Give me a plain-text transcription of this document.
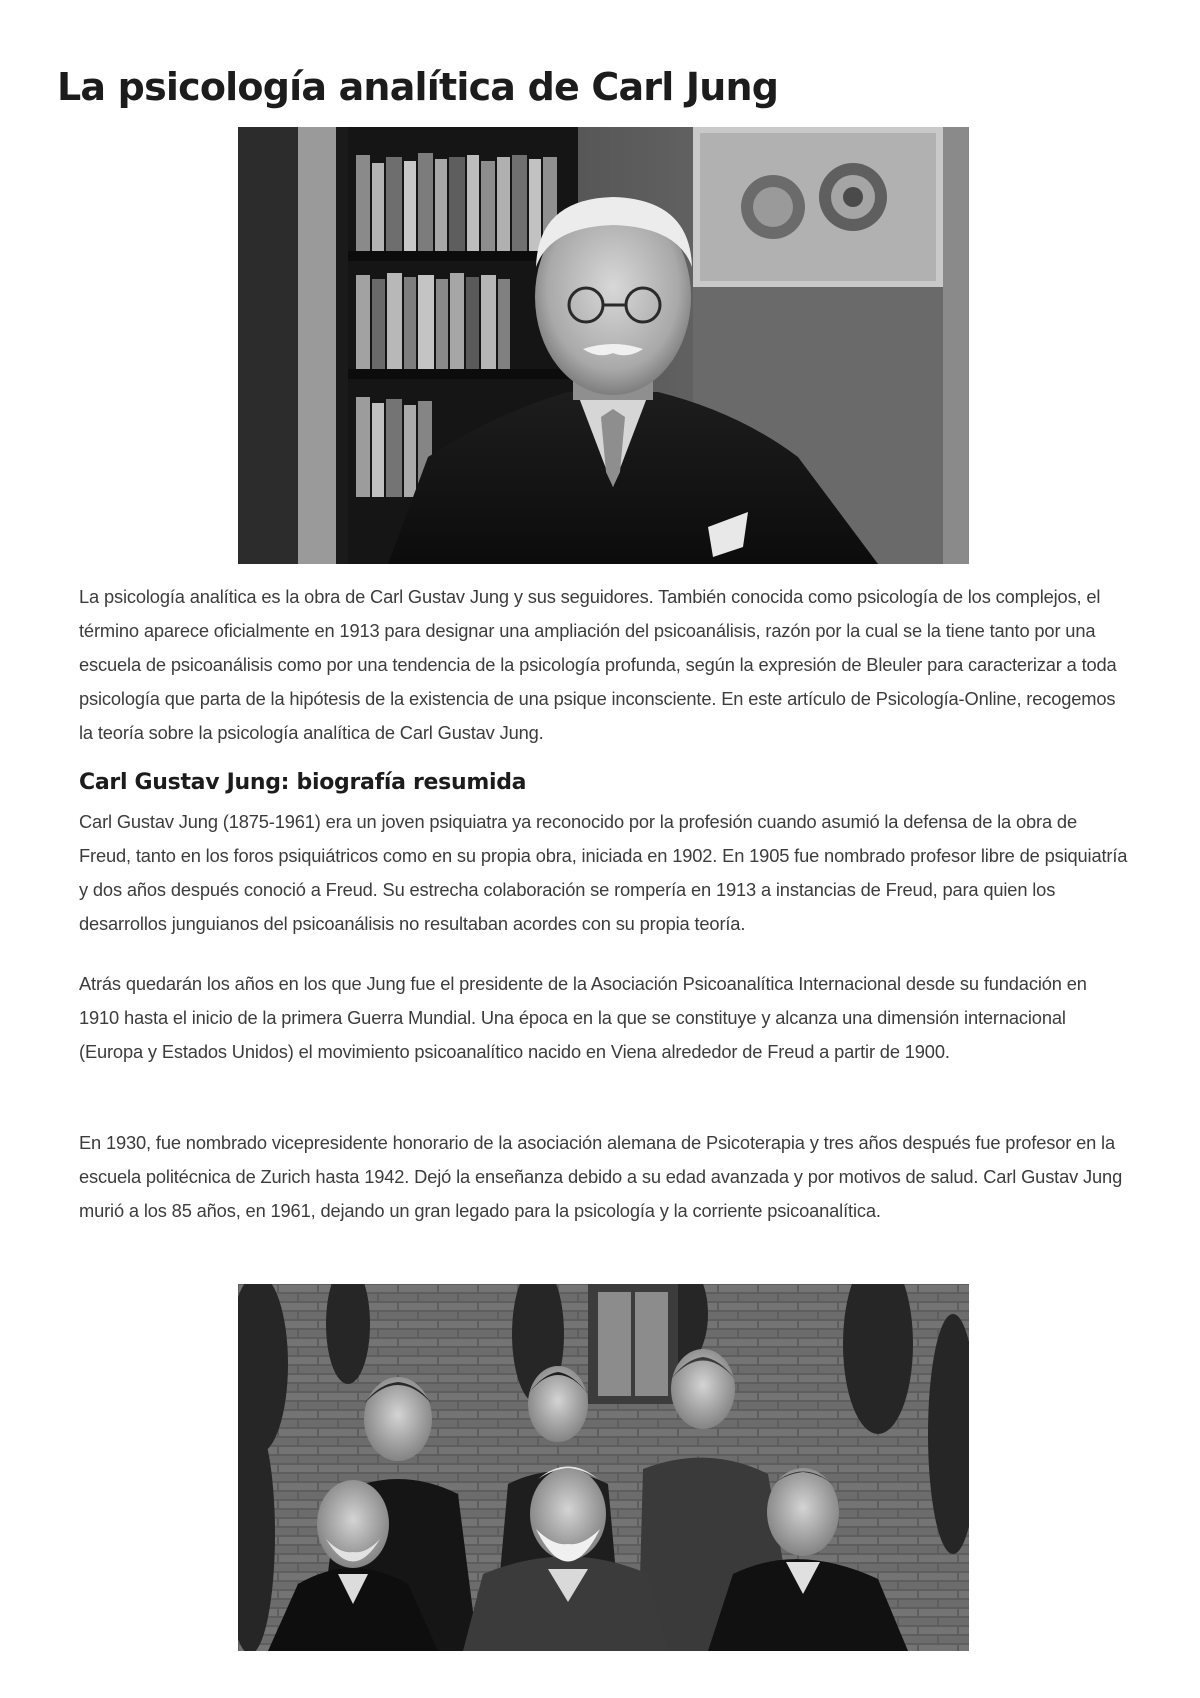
La psicología analítica de Carl Jung

La psicología analítica es la obra de Carl Gustav Jung y sus seguidores. También conocida como psicología de los complejos, el término aparece oficialmente en 1913 para designar una ampliación del psicoanálisis, razón por la cual se la tiene tanto por una escuela de psicoanálisis como por una tendencia de la psicología profunda, según la expresión de Bleuler para caracterizar a toda psicología que parta de la hipótesis de la existencia de una psique inconsciente. En este artículo de Psicología-Online, recogemos la teoría sobre la psicología analítica de Carl Gustav Jung.

Carl Gustav Jung: biografía resumida

Carl Gustav Jung (1875-1961) era un joven psiquiatra ya reconocido por la profesión cuando asumió la defensa de la obra de Freud, tanto en los foros psiquiátricos como en su propia obra, iniciada en 1902. En 1905 fue nombrado profesor libre de psiquiatría y dos años después conoció a Freud. Su estrecha colaboración se rompería en 1913 a instancias de Freud, para quien los desarrollos junguianos del psicoanálisis no resultaban acordes con su propia teoría.

Atrás quedarán los años en los que Jung fue el presidente de la Asociación Psicoanalítica Internacional desde su fundación en 1910 hasta el inicio de la primera Guerra Mundial. Una época en la que se constituye y alcanza una dimensión internacional (Europa y Estados Unidos) el movimiento psicoanalítico nacido en Viena alrededor de Freud a partir de 1900.

En 1930, fue nombrado vicepresidente honorario de la asociación alemana de Psicoterapia y tres años después fue profesor en la escuela politécnica de Zurich hasta 1942. Dejó la enseñanza debido a su edad avanzada y por motivos de salud. Carl Gustav Jung murió a los 85 años, en 1961, dejando un gran legado para la psicología y la corriente psicoanalítica.
